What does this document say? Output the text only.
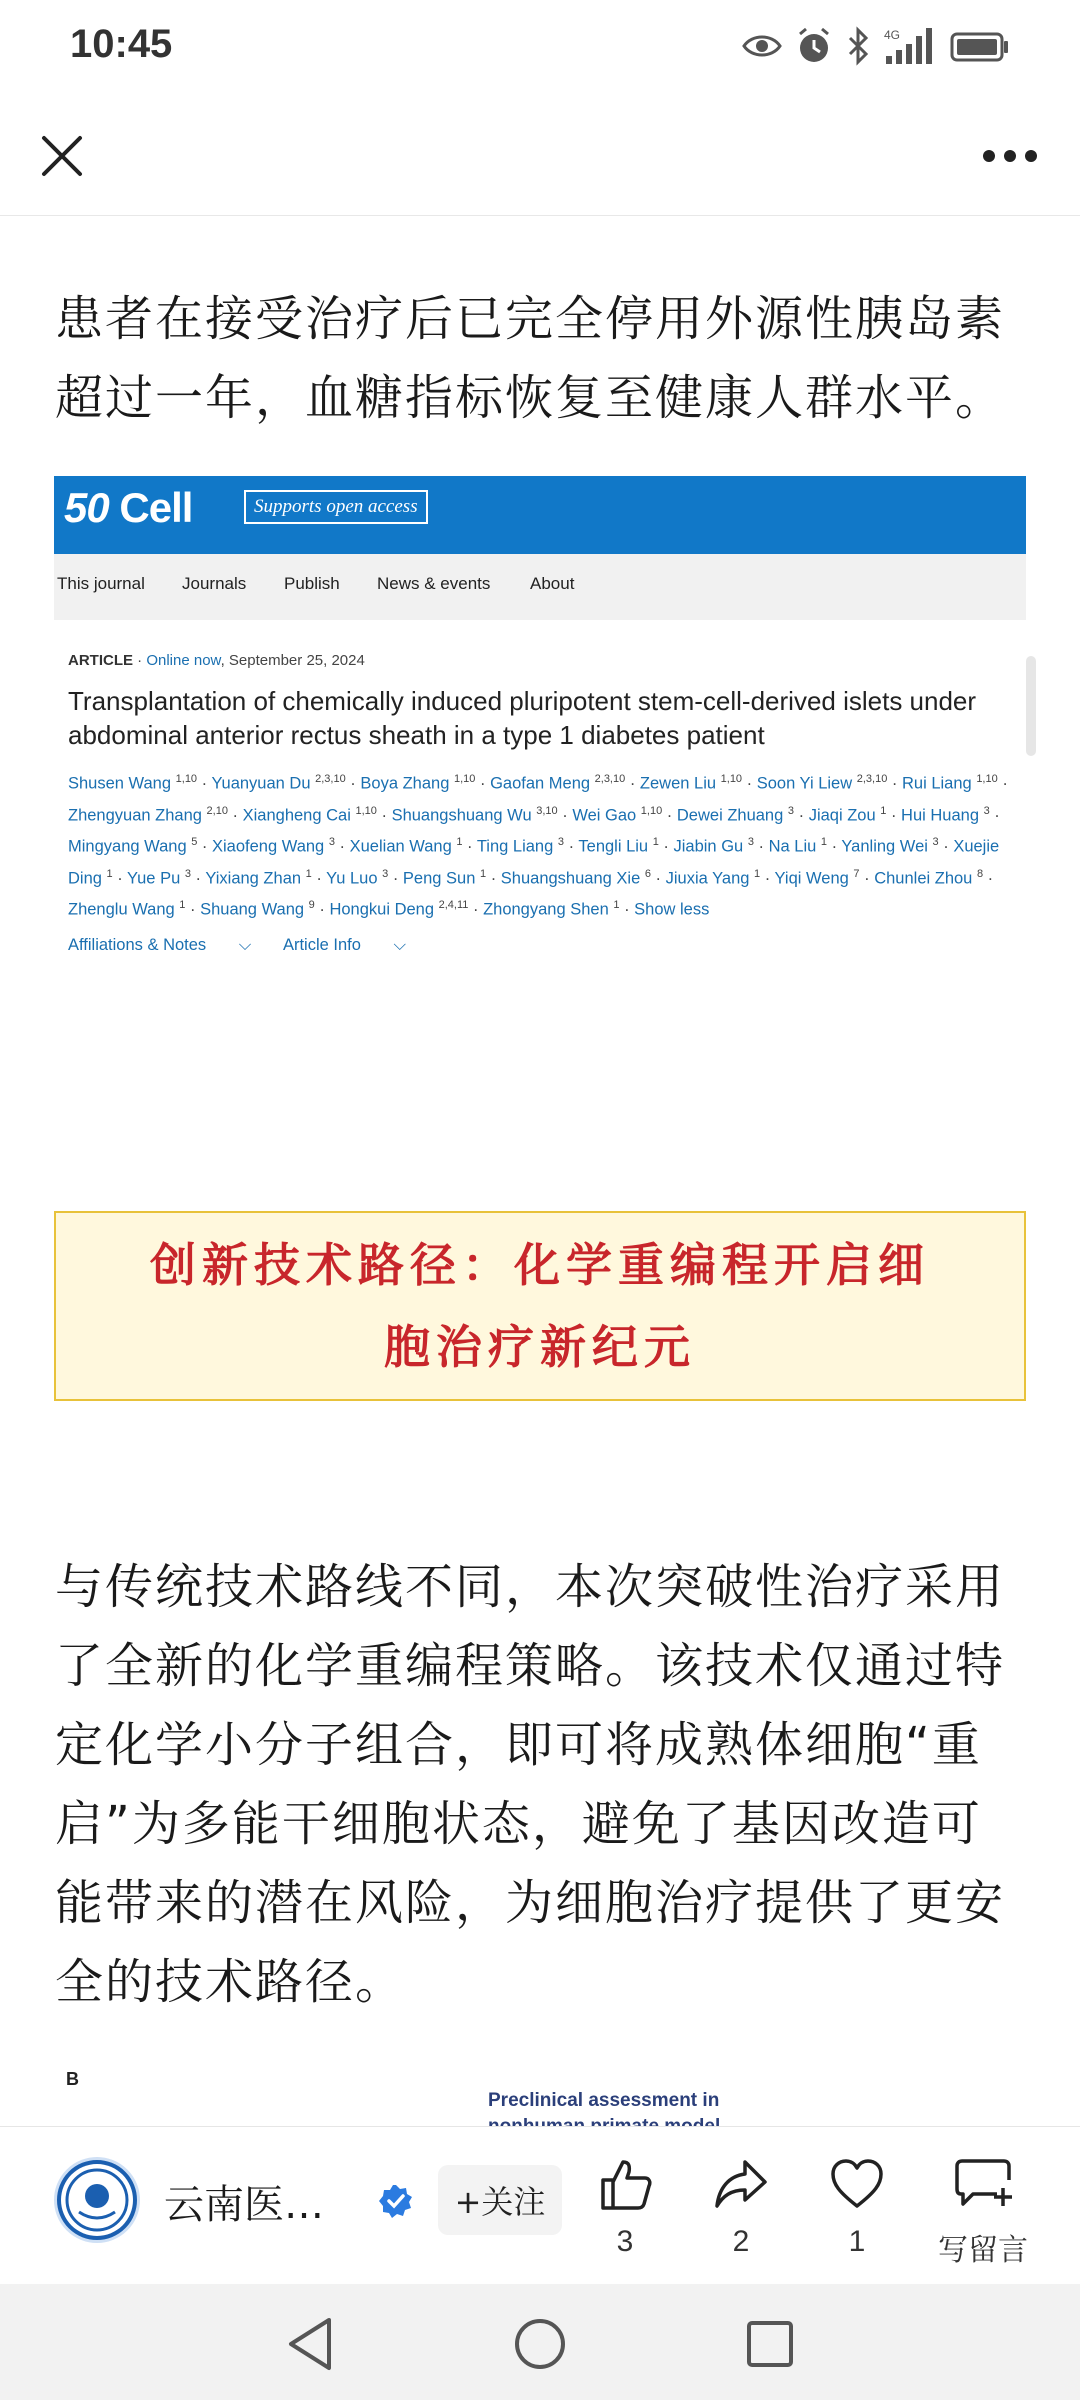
10:45	4G

患者在接受治疗后已完全停用外源性胰岛素超过一年，血糖指标恢复至健康人群水平。

50 Cell	Supports open access
This journal Journals Publish News & events About
ARTICLE · Online now, September 25, 2024
Transplantation of chemically induced pluripotent stem-cell-derived islets under abdominal anterior rectus sheath in a type 1 diabetes patient
Shusen Wang $^{1,10}$ · Yuanyuan Du $^{2,3,10}$ · Boya Zhang $^{1,10}$ · Gaofan Meng $^{2,3,10}$ · Zewen Liu $^{1,10}$ · Soon Yi Liew $^{2,3,10}$ · Rui Liang $^{1,10}$ · Zhengyuan Zhang $^{2,10}$ · Xiangheng Cai $^{1,10}$ · Shuangshuang Wu $^{3,10}$ · Wei Gao $^{1,10}$ · Dewei Zhuang $^3$ · Jiaqi Zou $^1$ · Hui Huang $^3$ · Mingyang Wang $^5$ · Xiaofeng Wang $^3$ · Xuelian Wang $^1$ · Ting Liang $^3$ · Tengli Liu $^1$ · Jiabin Gu $^3$ · Na Liu $^1$ · Yanling Wei $^3$ · Xuejie Ding $^1$ · Yue Pu $^3$ · Yixiang Zhan $^1$ · Yu Luo $^3$ · Peng Sun $^1$ · Shuangshuang Xie $^6$ · Jiuxia Yang $^1$ · Yiqi Weng $^7$ · Chunlei Zhou $^8$ · Zhenglu Wang $^1$ · Shuang Wang $^9$ · Hongkui Deng $^{2,4,11}$ · Zhongyang Shen $^1$ · Show less
Affiliations & Notes ⌵ Article Info ⌵
创新技术路径：化学重编程开启细胞治疗新纪元

与传统技术路线不同，本次突破性治疗采用了全新的化学重编程策略。该技术仅通过特定化学小分子组合，即可将成熟体细胞“重启”为多能干细胞状态，避免了基因改造可能带来的潜在风险，为细胞治疗提供了更安全的技术路径。

B
Preclinical assessment in
云南医…	+关注
3	2	1	写留言
